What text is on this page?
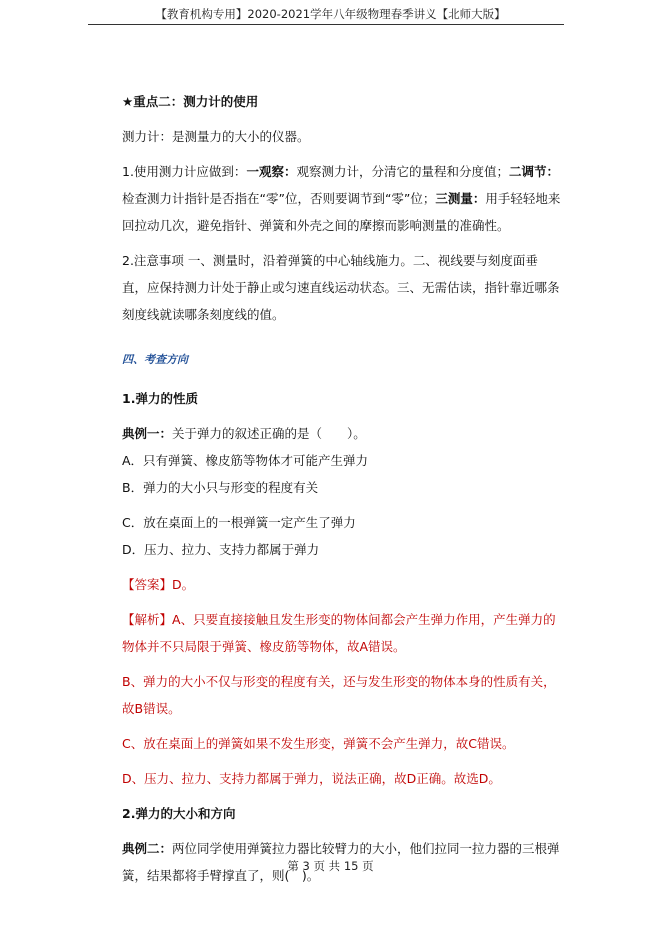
【教育机构专用】2020-2021学年八年级物理春季讲义【北师大版】

★重点二：测力计的使用

测力计：是测量力的大小的仪器。

1.使用测力计应做到：一观察：观察测力计，分清它的量程和分度值；二调节：检查测力计指针是否指在“零”位，否则要调节到“零”位；三测量：用手轻轻地来回拉动几次，避免指针、弹簧和外壳之间的摩擦而影响测量的准确性。

2.注意事项 一、测量时，沿着弹簧的中心轴线施力。二、视线要与刻度面垂直，应保持测力计处于静止或匀速直线运动状态。三、无需估读，指针靠近哪条刻度线就读哪条刻度线的值。

四、考查方向

1.弹力的性质

典例一：关于弹力的叙述正确的是（　　）。

A．只有弹簧、橡皮筋等物体才可能产生弹力  B．弹力的大小只与形变的程度有关

C．放在桌面上的一根弹簧一定产生了弹力    D．压力、拉力、支持力都属于弹力

【答案】D。

【解析】A、只要直接接触且发生形变的物体间都会产生弹力作用，产生弹力的物体并不只局限于弹簧、橡皮筋等物体，故A错误。

B、弹力的大小不仅与形变的程度有关，还与发生形变的物体本身的性质有关，故B错误。

C、放在桌面上的弹簧如果不发生形变，弹簧不会产生弹力，故C错误。

D、压力、拉力、支持力都属于弹力，说法正确，故D正确。故选D。

2.弹力的大小和方向

典例二：两位同学使用弹簧拉力器比较臂力的大小，他们拉同一拉力器的三根弹簧，结果都将手臂撑直了，则(　)。

第 3 页 共 15 页
